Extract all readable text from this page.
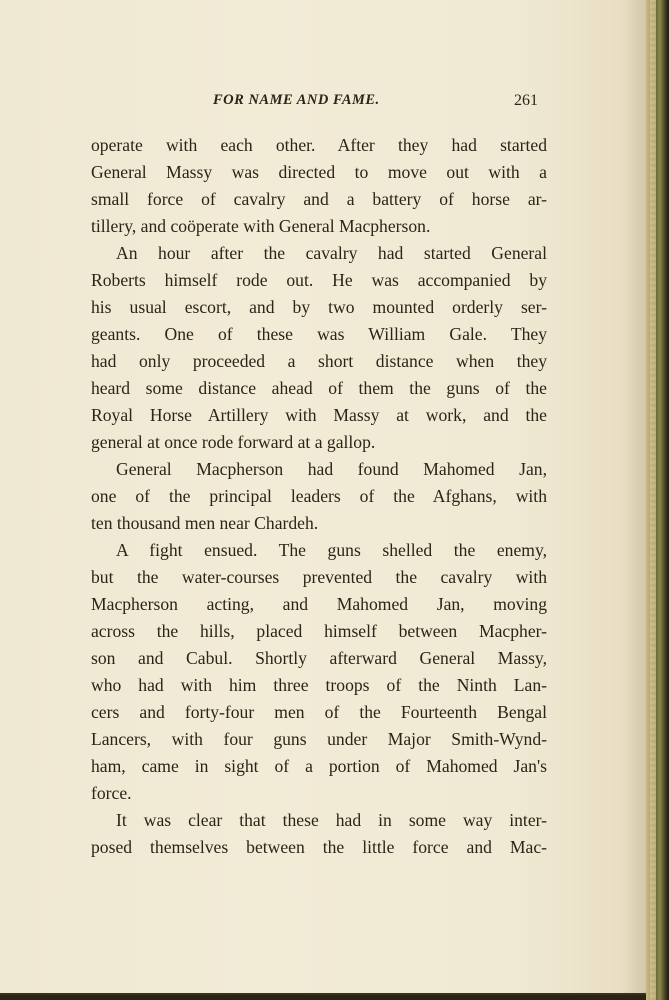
FOR NAME AND FAME.	261
operate with each other. After they had started
General Massy was directed to move out with a
small force of cavalry and a battery of horse ar-
tillery, and coöperate with General Macpherson.
An hour after the cavalry had started General
Roberts himself rode out. He was accompanied by
his usual escort, and by two mounted orderly ser-
geants. One of these was William Gale. They
had only proceeded a short distance when they
heard some distance ahead of them the guns of the
Royal Horse Artillery with Massy at work, and the
general at once rode forward at a gallop.
General Macpherson had found Mahomed Jan,
one of the principal leaders of the Afghans, with
ten thousand men near Chardeh.
A fight ensued. The guns shelled the enemy,
but the water-courses prevented the cavalry with
Macpherson acting, and Mahomed Jan, moving
across the hills, placed himself between Macpher-
son and Cabul. Shortly afterward General Massy,
who had with him three troops of the Ninth Lan-
cers and forty-four men of the Fourteenth Bengal
Lancers, with four guns under Major Smith-Wynd-
ham, came in sight of a portion of Mahomed Jan's
force.
It was clear that these had in some way inter-
posed themselves between the little force and Mac-
